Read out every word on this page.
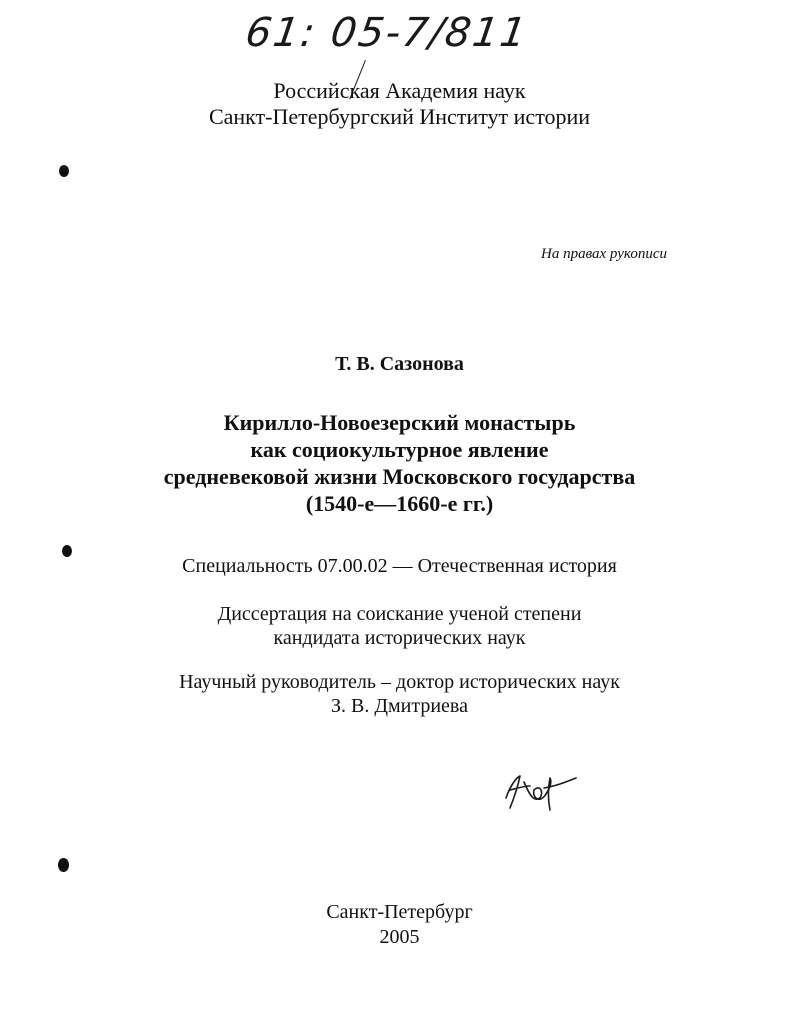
61: 05-7/811
Российская Академия наук
Санкт-Петербургский Институт истории
На правах рукописи
Т. В. Сазонова
Кирилло-Новоезерский монастырь
как социокультурное явление
средневековой жизни Московского государства
(1540-е—1660-е гг.)
Специальность 07.00.02 — Отечественная история
Диссертация на соискание ученой степени
кандидата исторических наук
Научный руководитель – доктор исторических наук
З. В. Дмитриева
Санкт-Петербург
2005
